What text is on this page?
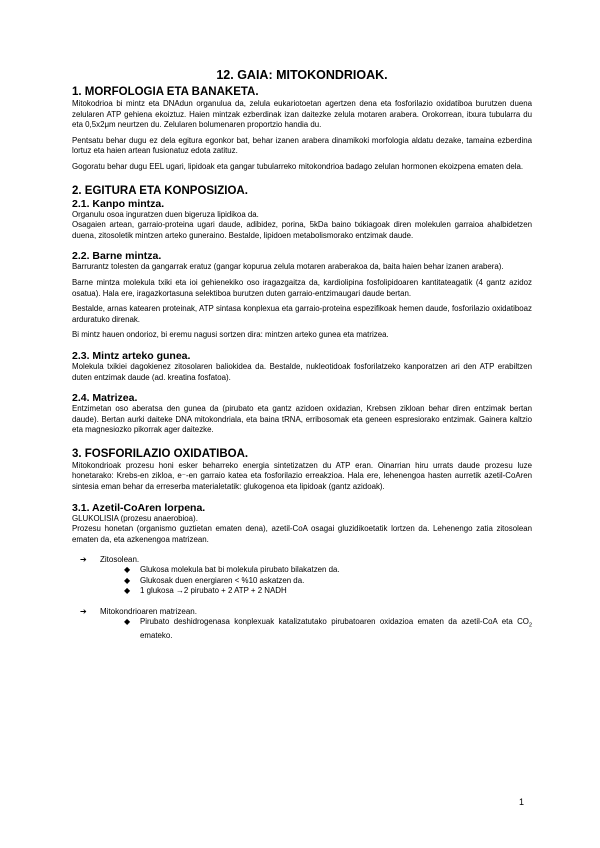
12. GAIA: MITOKONDRIOAK.
1. MORFOLOGIA ETA BANAKETA.

Mitokodrioa bi mintz eta DNAdun organulua da, zelula eukariotoetan agertzen dena eta fosforilazio oxidatiboa burutzen duena zelularen ATP gehiena ekoiztuz. Haien mintzak ezberdinak izan daitezke zelula motaren arabera. Orokorrean, itxura tubularra du eta 0,5x2μm neurtzen du. Zelularen bolumenaren proportzio handia du.

Pentsatu behar dugu ez dela egitura egonkor bat, behar izanen arabera dinamikoki morfologia aldatu dezake, tamaina ezberdina lortuz eta haien artean fusionatuz edota zatituz.

Gogoratu behar dugu EEL ugari, lipidoak eta gangar tubularreko mitokondrioa badago zelulan hormonen ekoizpena ematen dela.

2. EGITURA ETA KONPOSIZIOA.
2.1. Kanpo mintza.

Organulu osoa inguratzen duen bigeruza lipidikoa da.

Osagaien artean, garraio-proteina ugari daude, adibidez, porina, 5kDa baino txikiagoak diren molekulen garraioa ahalbidetzen duena, zitosoletik mintzen arteko guneraino. Bestalde, lipidoen metabolismorako entzimak daude.

2.2. Barne mintza.

Barrurantz tolesten da gangarrak eratuz (gangar kopurua zelula motaren araberakoa da, baita haien behar izanen arabera).

Barne mintza molekula txiki eta ioi gehienekiko oso iragazgaitza da, kardiolipina fosfolipidoaren kantitateagatik (4 gantz azidoz osatua). Hala ere, iragazkortasuna selektiboa burutzen duten garraio-entzimaugari daude bertan.

Bestalde, arnas katearen proteinak, ATP sintasa konplexua eta garraio-proteina espezifikoak hemen daude, fosforilazio oxidatiboaz arduratuko direnak.

Bi mintz hauen ondorioz, bi eremu nagusi sortzen dira: mintzen arteko gunea eta matrizea.

2.3. Mintz arteko gunea.

Molekula txikiei dagokienez zitosolaren baliokidea da. Bestalde, nukleotidoak fosforilatzeko kanporatzen ari den ATP erabiltzen duten entzimak daude (ad. kreatina fosfatoa).

2.4. Matrizea.

Entzimetan oso aberatsa den gunea da (pirubato eta gantz azidoen oxidazian, Krebsen zikloan behar diren entzimak bertan daude). Bertan aurki daiteke DNA mitokondriala, eta baina tRNA, erribosomak eta geneen espresiorako entzimak. Gainera kaltzio eta magnesiozko pikorrak ager daitezke.

3. FOSFORILAZIO OXIDATIBOA.

Mitokondrioak prozesu honi esker beharreko energia sintetizatzen du ATP eran. Oinarrian hiru urrats daude prozesu luze honetarako: Krebs-en zikloa, e⁻-en garraio katea eta fosforilazio erreakzioa. Hala ere, lehenengoa hasten aurretik azetil-CoAren sintesia eman behar da erreserba materialetatik: glukogenoa eta lipidoak (gantz azidoak).

3.1. Azetil-CoAren lorpena.

GLUKOLISIA (prozesu anaerobioa).

Prozesu honetan (organismo guztietan ematen dena), azetil-CoA osagai gluzidikoetatik lortzen da. Lehenengo zatia zitosolean ematen da, eta azkenengoa matrizean.

➔	Zitosolean.
◆	Glukosa molekula bat bi molekula pirubato bilakatzen da.
◆	Glukosak duen energiaren < %10 askatzen da.
◆	1 glukosa →2 pirubato + 2 ATP + 2 NADH
➔	Mitokondrioaren matrizean.
◆	Pirubato deshidrogenasa konplexuak katalizatutako pirubatoaren oxidazioa ematen da azetil-CoA eta $CO_2$ emateko.
1
